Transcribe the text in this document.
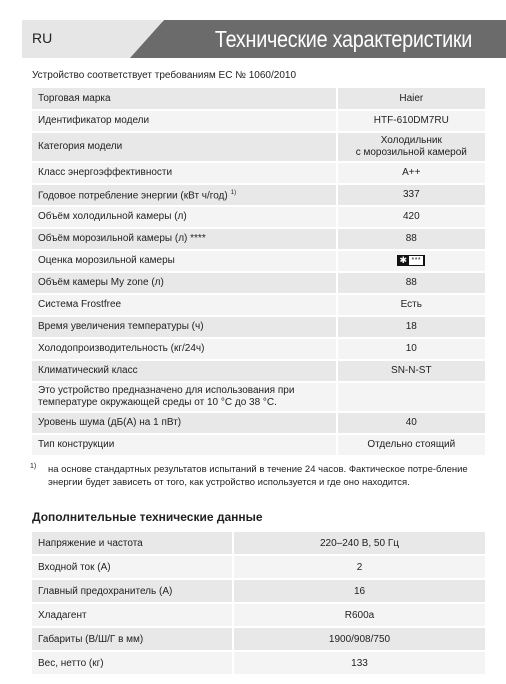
RU	Технические характеристики
Устройство соответствует требованиям ЕС № 1060/2010
Торговая марка	Haier
Идентификатор модели	HTF-610DM7RU
Категория модели	Холодильник
с морозильной камерой

Класс энергоэффективности	A++
Годовое потребление энергии (кВт ч/год) $^{1)}$	337
Объём холодильной камеры (л)	420
Объём морозильной камеры (л) ****	88
Оценка морозильной камеры	✱ ***

Объём камеры My zone (л)	88
Система Frostfree	Есть
Время увеличения температуры (ч)	18
Холодопроизводительность (кг/24ч)	10
Климатический класс	SN-N-ST

Это устройство предназначено для использования при
температуре окружающей среды от 10 °C до 38 °C.	

Уровень шума (дБ(А) на 1 пВт)	40
Тип конструкции	Отдельно стоящий
1) на основе стандартных результатов испытаний в течение 24 часов. Фактическое потре-бление энергии будет зависеть от того, как устройство используется и где оно находится.
Дополнительные технические данные
Напряжение и частота	220–240 В, 50 Гц
Входной ток (А)	2
Главный предохранитель (А)	16
Хладагент	R600a
Габариты (В/Ш/Г в мм)	1900/908/750
Вес, нетто (кг)	133
